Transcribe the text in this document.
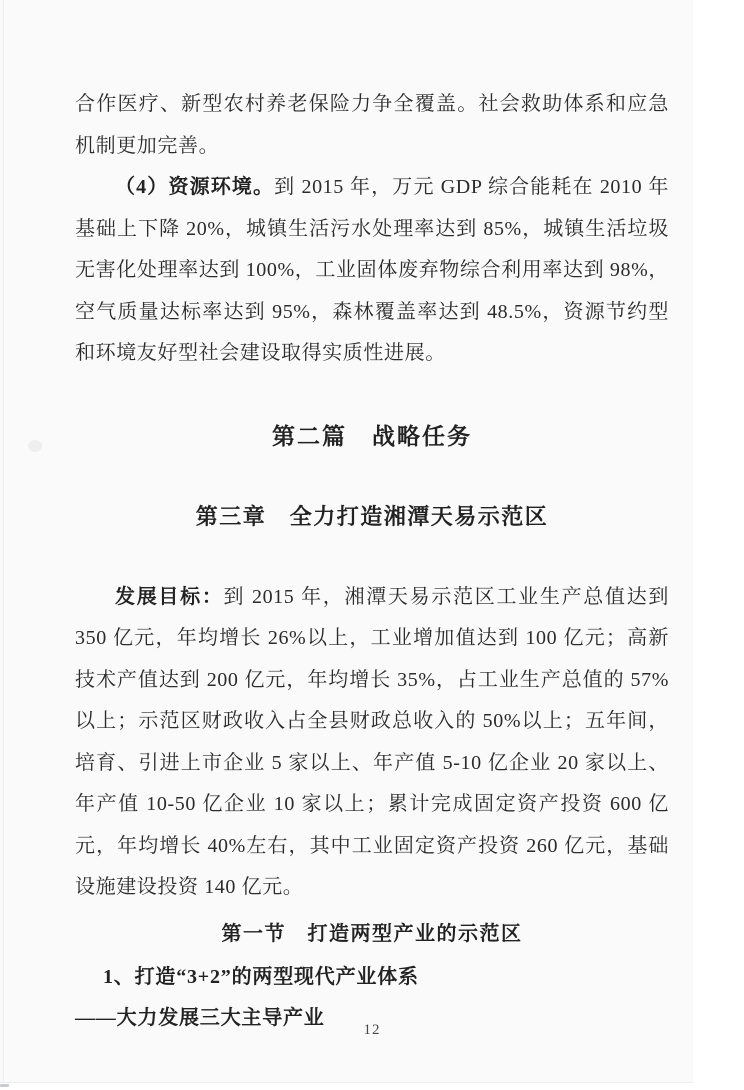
合作医疗、新型农村养老保险力争全覆盖。社会救助体系和应急机制更加完善。

（4）资源环境。到 2015 年，万元 GDP 综合能耗在 2010 年基础上下降 20%，城镇生活污水处理率达到 85%，城镇生活垃圾无害化处理率达到 100%，工业固体废弃物综合利用率达到 98%，空气质量达标率达到 95%，森林覆盖率达到 48.5%，资源节约型和环境友好型社会建设取得实质性进展。

第二篇　战略任务
第三章　全力打造湘潭天易示范区

发展目标：到 2015 年，湘潭天易示范区工业生产总值达到 350 亿元，年均增长 26%以上，工业增加值达到 100 亿元；高新技术产值达到 200 亿元，年均增长 35%，占工业生产总值的 57%以上；示范区财政收入占全县财政总收入的 50%以上；五年间，培育、引进上市企业 5 家以上、年产值 5-10 亿企业 20 家以上、年产值 10-50 亿企业 10 家以上；累计完成固定资产投资 600 亿元，年均增长 40%左右，其中工业固定资产投资 260 亿元，基础设施建设投资 140 亿元。

第一节　打造两型产业的示范区

1、打造“3+2”的两型现代产业体系

——大力发展三大主导产业

12
